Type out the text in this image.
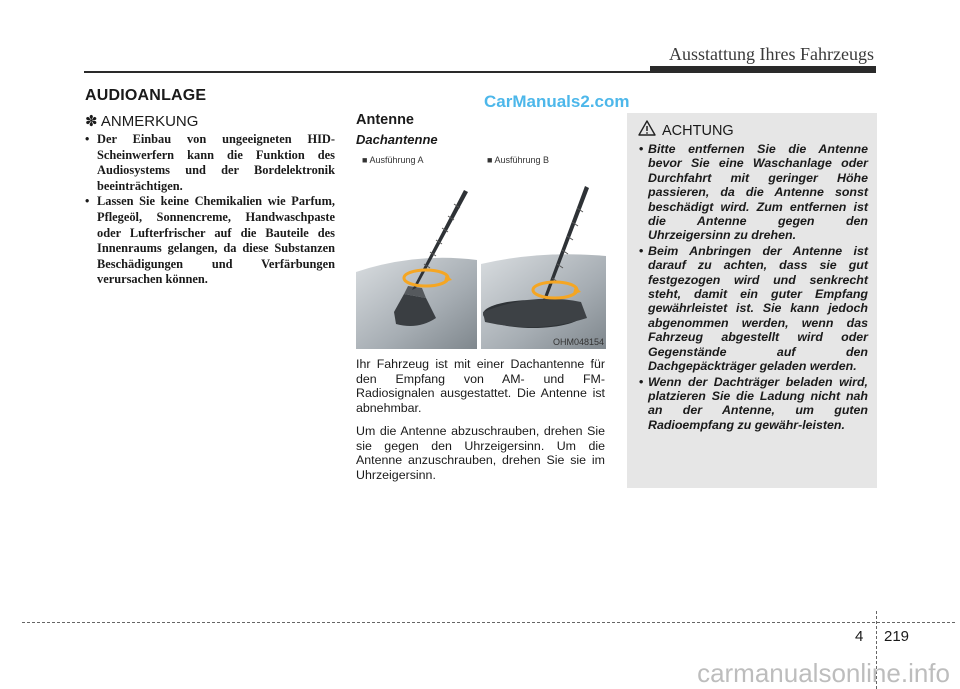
Ausstattung Ihres Fahrzeugs
AUDIOANLAGE	CarManuals2.com
✽ ANMERKUNG
• Der Einbau von ungeeigneten HID-Scheinwerfern kann die Funktion des Audiosystems und der Bordelektronik beeinträchtigen.
• Lassen Sie keine Chemikalien wie Parfum, Pflegeöl, Sonnencreme, Handwaschpaste oder Lufterfrischer auf die Bauteile des Innenraums gelangen, da diese Substanzen Beschädigungen und Verfärbungen verursachen können.
Antenne
Dachantenne
■ Ausführung A	■ Ausführung B
OHM048154

Ihr Fahrzeug ist mit einer Dachantenne für den Empfang von AM- und FM-Radiosignalen ausgestattet. Die Antenne ist abnehmbar.

Um die Antenne abzuschrauben, drehen Sie sie gegen den Uhrzeigersinn. Um die Antenne anzuschrauben, drehen Sie sie im Uhrzeigersinn.

ACHTUNG
• Bitte entfernen Sie die Antenne bevor Sie eine Waschanlage oder Durchfahrt mit geringer Höhe passieren, da die Antenne sonst beschädigt wird. Zum entfernen ist die Antenne gegen den Uhrzeigersinn zu drehen.
• Beim Anbringen der Antenne ist darauf zu achten, dass sie gut festgezogen wird und senkrecht steht, damit ein guter Empfang gewährleistet ist. Sie kann jedoch abgenommen werden, wenn das Fahrzeug abgestellt wird oder Gegenstände auf den Dachgepäckträger geladen werden.
• Wenn der Dachträger beladen wird, platzieren Sie die Ladung nicht nah an der Antenne, um guten Radioempfang zu gewähr-leisten.
4 219
carmanualsonline.info
